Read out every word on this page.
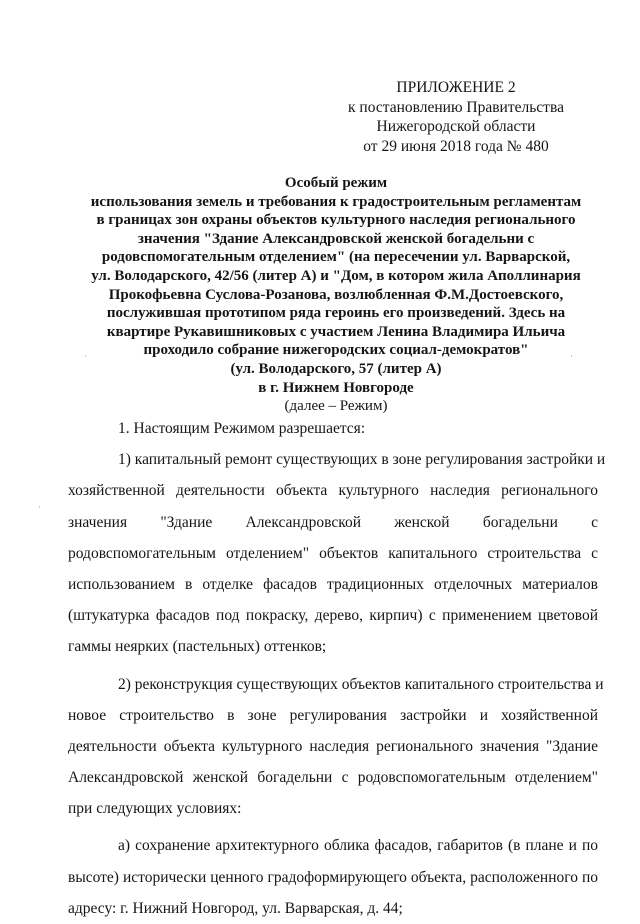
ПРИЛОЖЕНИЕ 2
к постановлению Правительства
Нижегородской области
от 29 июня 2018 года № 480
Особый режим
использования земель и требования к градостроительным регламентам
в границах зон охраны объектов культурного наследия регионального
значения "Здание Александровской женской богадельни с
родовспомогательным отделением" (на пересечении ул. Варварской,
ул. Володарского, 42/56 (литер А) и "Дом, в котором жила Аполлинария
Прокофьевна Суслова-Розанова, возлюбленная Ф.М.Достоевского,
послужившая прототипом ряда героинь его произведений. Здесь на
квартире Рукавишниковых с участием Ленина Владимира Ильича
проходило собрание нижегородских социал-демократов"
(ул. Володарского, 57 (литер А)
в г. Нижнем Новгороде
(далее – Режим)
1. Настоящим Режимом разрешается:
1) капитальный ремонт существующих в зоне регулирования застройки и
хозяйственной деятельности объекта культурного наследия регионального
значения "Здание Александровской женской богадельни с
родовспомогательным отделением" объектов капитального строительства с
использованием в отделке фасадов традиционных отделочных материалов
(штукатурка фасадов под покраску, дерево, кирпич) с применением цветовой
гаммы неярких (пастельных) оттенков;
2) реконструкция существующих объектов капитального строительства и
новое строительство в зоне регулирования застройки и хозяйственной
деятельности объекта культурного наследия регионального значения "Здание
Александровской женской богадельни с родовспомогательным отделением"
при следующих условиях:
а) сохранение архитектурного облика фасадов, габаритов (в плане и по
высоте) исторически ценного градоформирующего объекта, расположенного по
адресу: г. Нижний Новгород, ул. Варварская, д. 44;
·	·
·
